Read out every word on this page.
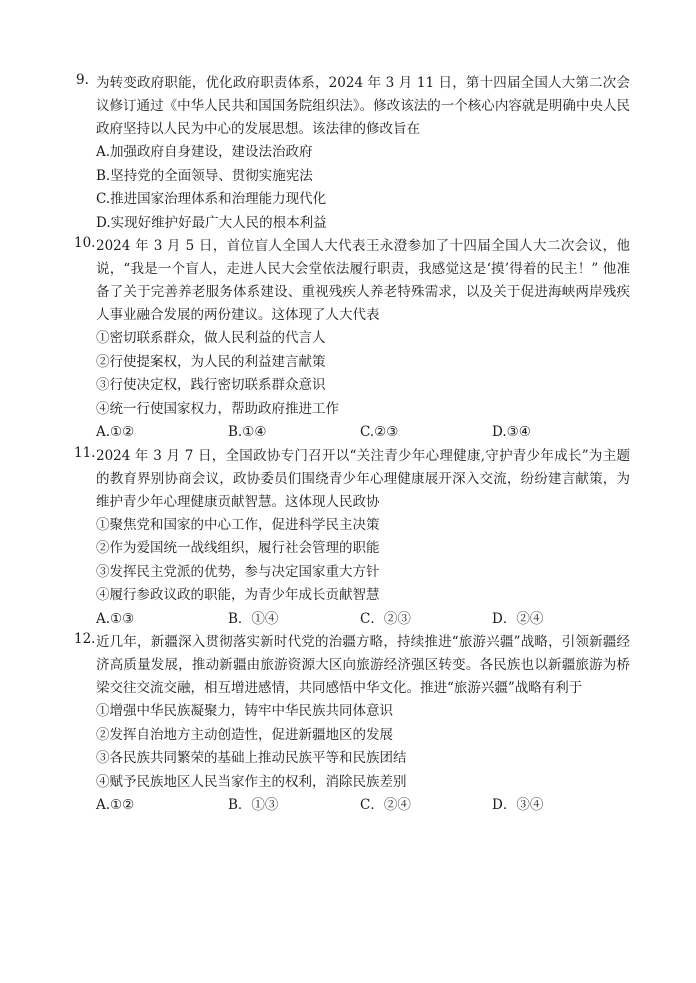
9. 为转变政府职能，优化政府职责体系，2024 年 3 月 11 日，第十四届全国人大第二次会议修订通过《中华人民共和国国务院组织法》。修改该法的一个核心内容就是明确中央人民政府坚持以人民为中心的发展思想。该法律的修改旨在
A.加强政府自身建设，建设法治政府
B.坚持党的全面领导、贯彻实施宪法
C.推进国家治理体系和治理能力现代化
D.实现好维护好最广大人民的根本利益
10. 2024 年 3 月 5 日，首位盲人全国人大代表王永澄参加了十四届全国人大二次会议，他说，“我是一个盲人，走进人民大会堂依法履行职责，我感觉这是‘摸’得着的民主！” 他准备了关于完善养老服务体系建设、重视残疾人养老特殊需求，以及关于促进海峡两岸残疾人事业融合发展的两份建议。这体现了人大代表
①密切联系群众，做人民利益的代言人
②行使提案权，为人民的利益建言献策
③行使决定权，践行密切联系群众意识
④统一行使国家权力，帮助政府推进工作
A.①②	B.①④	C.②③	D.③④
11. 2024 年 3 月 7 日，全国政协专门召开以“关注青少年心理健康,守护青少年成长”为主题的教育界别协商会议，政协委员们围绕青少年心理健康展开深入交流，纷纷建言献策，为维护青少年心理健康贡献智慧。这体现人民政协
①聚焦党和国家的中心工作，促进科学民主决策
②作为爱国统一战线组织，履行社会管理的职能
③发挥民主党派的优势，参与决定国家重大方针
④履行参政议政的职能，为青少年成长贡献智慧
A.①③	B．①④	C．②③	D．②④
12. 近几年，新疆深入贯彻落实新时代党的治疆方略，持续推进“旅游兴疆”战略，引领新疆经济高质量发展，推动新疆由旅游资源大区向旅游经济强区转变。各民族也以新疆旅游为桥梁交往交流交融，相互增进感情，共同感悟中华文化。推进“旅游兴疆”战略有利于
①增强中华民族凝聚力，铸牢中华民族共同体意识
②发挥自治地方主动创造性，促进新疆地区的发展
③各民族共同繁荣的基础上推动民族平等和民族团结
④赋予民族地区人民当家作主的权利，消除民族差别
A.①②	B．①③	C．②④	D．③④
